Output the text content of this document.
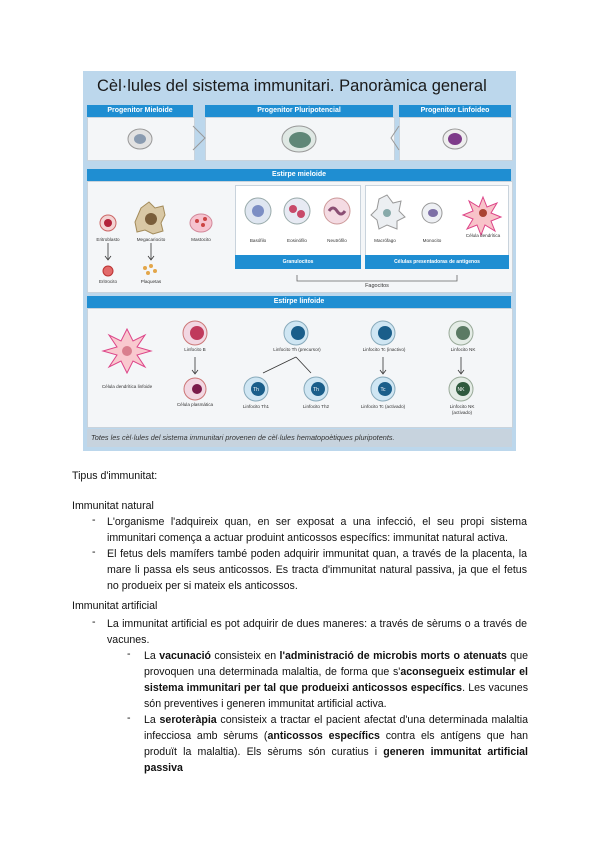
Cèl·lules del sistema immunitari. Panoràmica general
Progenitor Mieloide	Progenitor Pluripotencial	Progenitor Linfoideo
Estirpe mieloide
Estirpe linfoide
Th	Th	Tc	NK
Eritroblasto	Megacariocito	Mastocito
Eritrocito	Plaquetas
Basófilo	Eosinófilo	Neutrófilo	Macrófago	Monocito
Célula dendrítica
Granulocitos	Células presentadoras de antígenos
Fagocitos
Célula dendrítica linfoide
Linfocito B
Célula plasmática
Linfocito Th (precursor)
Linfocito Th1	Linfocito Th2
Linfocito Tc (inactivo)
Linfocito Tc (activado)
Linfocito NK
Linfocito NK (activado)
Totes les cèl·lules del sistema immunitari provenen de cèl·lules hematopoètiques pluripotents.
Tipus d'immunitat:
Immunitat natural
- L'organisme l'adquireix quan, en ser exposat a una infecció, el seu propi sistema immunitari comença a actuar produint anticossos específics: immunitat natural activa.
- El fetus dels mamífers també poden adquirir immunitat quan, a través de la placenta, la mare li passa els seus anticossos. Es tracta d'immunitat natural passiva, ja que el fetus no produeix per si mateix els anticossos.
Immunitat artificial
- La immunitat artificial es pot adquirir de dues maneres: a través de sèrums o a través de vacunes.
- La vacunació consisteix en l'administració de microbis morts o atenuats que provoquen una determinada malaltia, de forma que s'aconsegueix estimular el sistema immunitari per tal que produeixi anticossos específics. Les vacunes són preventives i generen immunitat artificial activa.
- La seroteràpia consisteix a tractar el pacient afectat d'una determinada malaltia infecciosa amb sèrums (anticossos específics contra els antígens que han produït la malaltia). Els sèrums són curatius i generen immunitat artificial passiva
